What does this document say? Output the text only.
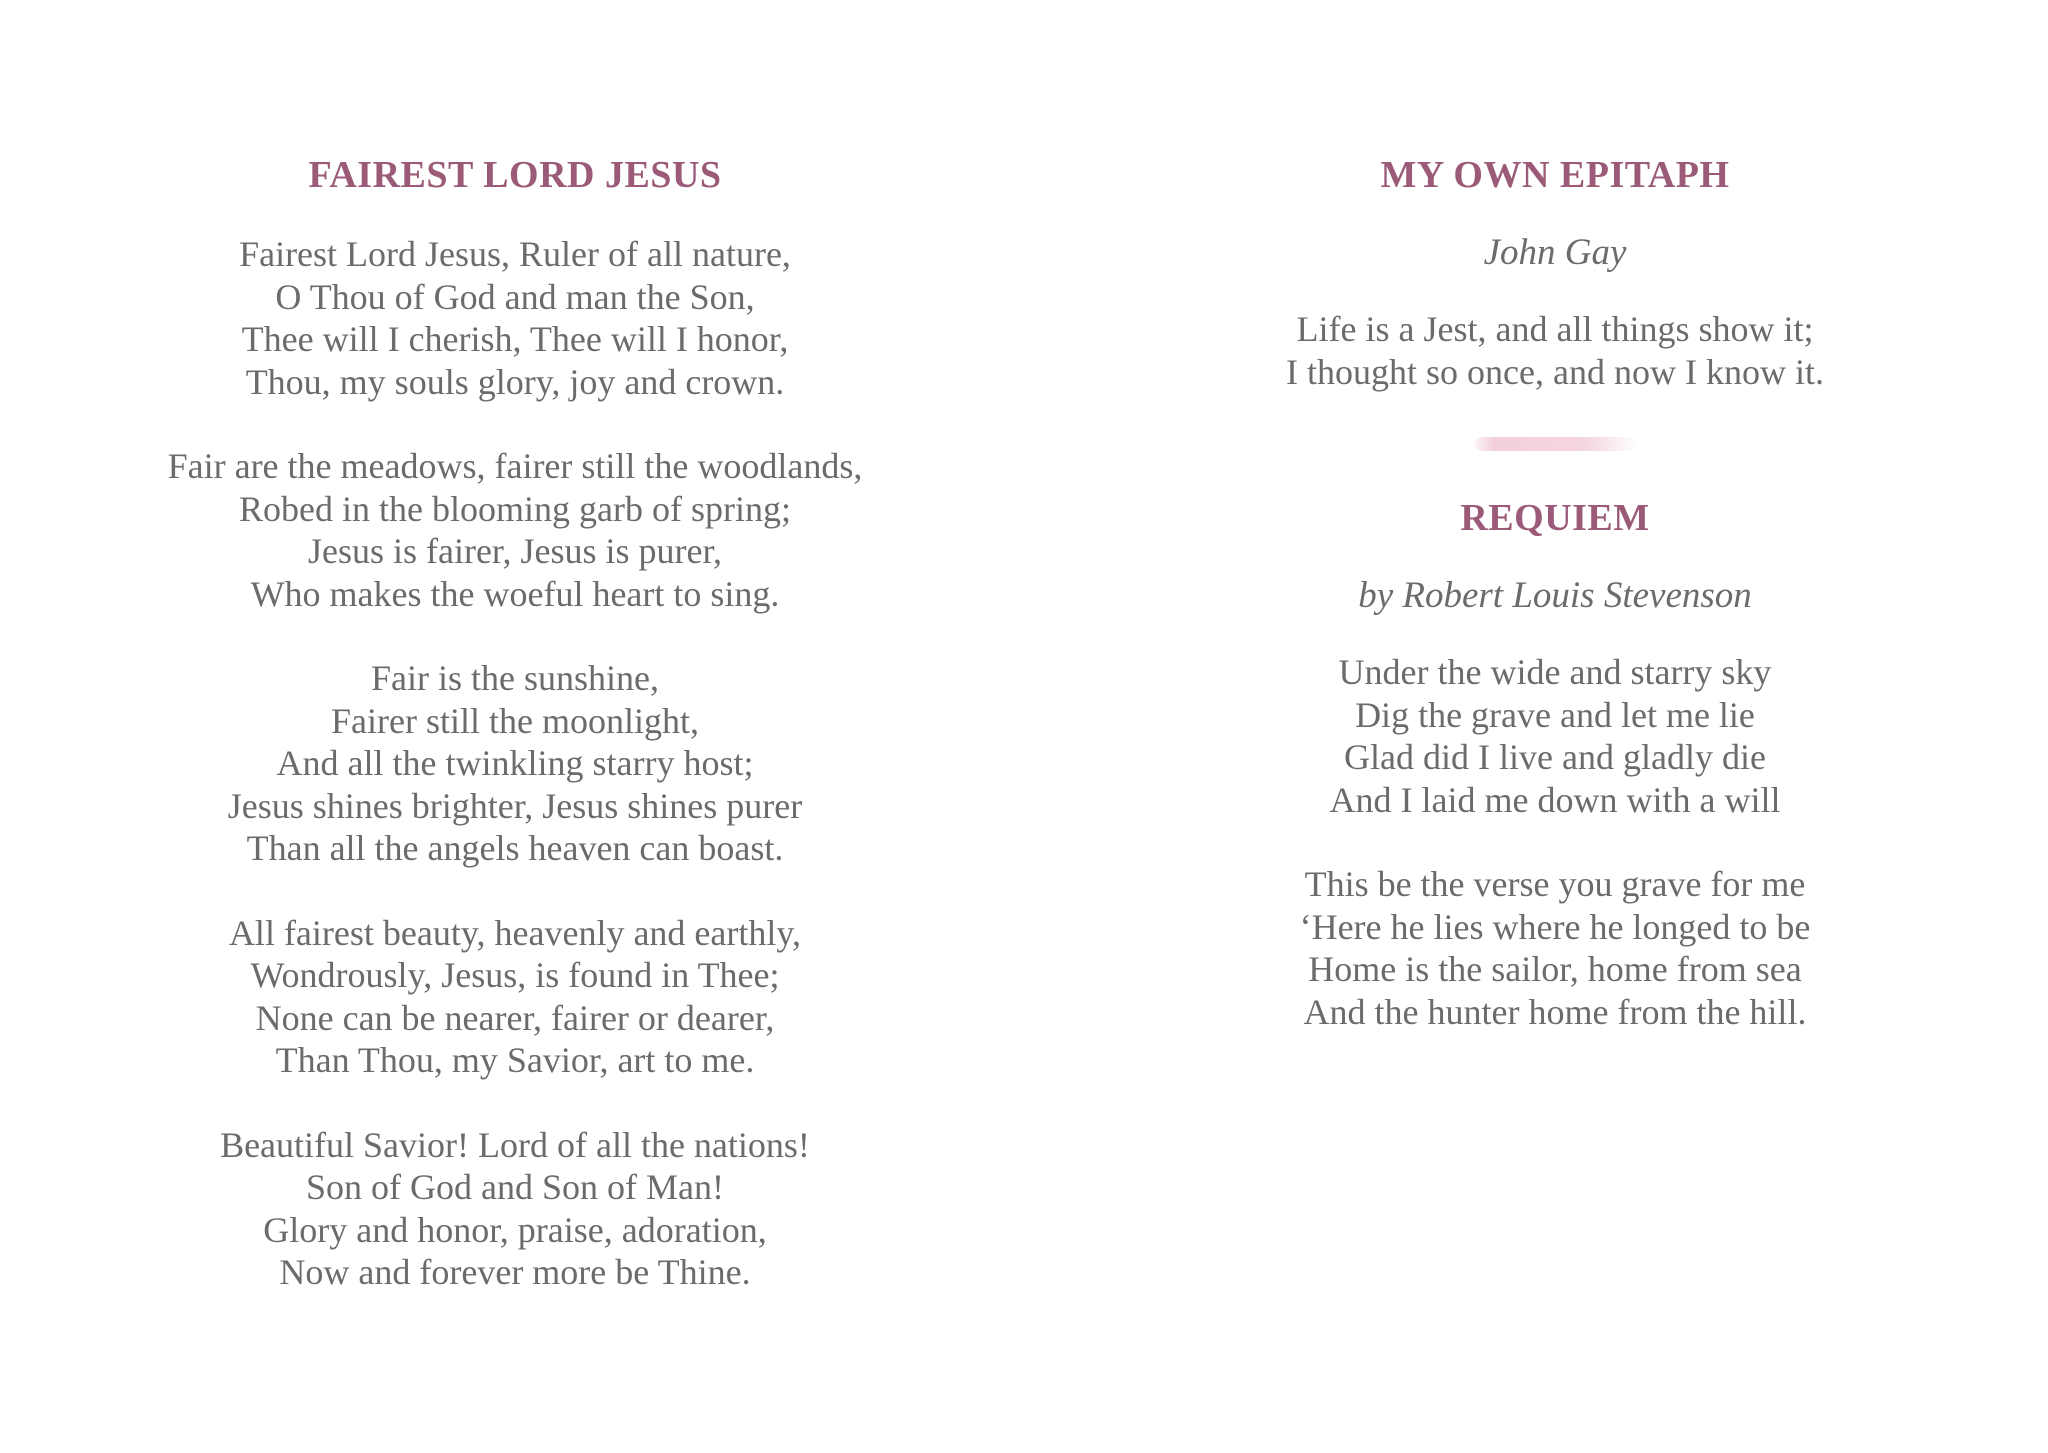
FAIREST LORD JESUS
Fairest Lord Jesus, Ruler of all nature,
O Thou of God and man the Son,
Thee will I cherish, Thee will I honor,
Thou, my souls glory, joy and crown.
Fair are the meadows, fairer still the woodlands,
Robed in the blooming garb of spring;
Jesus is fairer, Jesus is purer,
Who makes the woeful heart to sing.
Fair is the sunshine,
Fairer still the moonlight,
And all the twinkling starry host;
Jesus shines brighter, Jesus shines purer
Than all the angels heaven can boast.
All fairest beauty, heavenly and earthly,
Wondrously, Jesus, is found in Thee;
None can be nearer, fairer or dearer,
Than Thou, my Savior, art to me.
Beautiful Savior! Lord of all the nations!
Son of God and Son of Man!
Glory and honor, praise, adoration,
Now and forever more be Thine.
MY OWN EPITAPH

John Gay

Life is a Jest, and all things show it;
I thought so once, and now I know it.
REQUIEM

by Robert Louis Stevenson

Under the wide and starry sky
Dig the grave and let me lie
Glad did I live and gladly die
And I laid me down with a will
This be the verse you grave for me
‘Here he lies where he longed to be
Home is the sailor, home from sea
And the hunter home from the hill.
